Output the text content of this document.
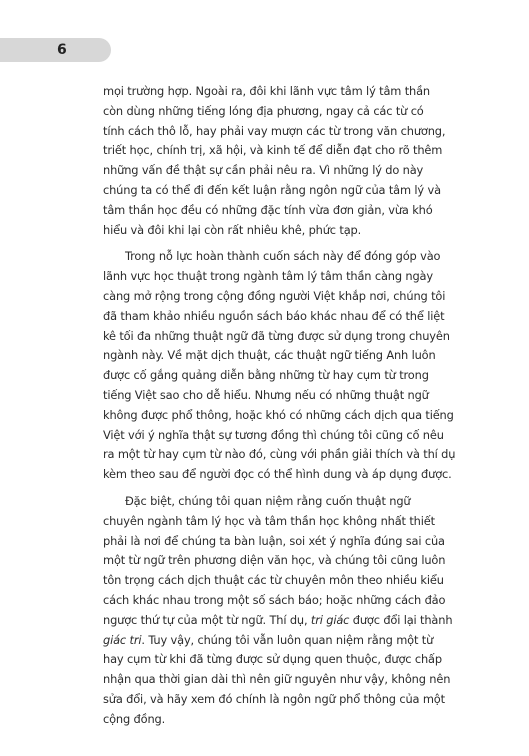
6

mọi trường hợp. Ngoài ra, đôi khi lãnh vực tâm lý tâm thần
còn dùng những tiếng lóng địa phương, ngay cả các từ có
tính cách thô lỗ, hay phải vay mượn các từ trong văn chương,
triết học, chính trị, xã hội, và kinh tế để diễn đạt cho rõ thêm
những vấn đề thật sự cần phải nêu ra. Vì những lý do này
chúng ta có thể đi đến kết luận rằng ngôn ngữ của tâm lý và
tâm thần học đều có những đặc tính vừa đơn giản, vừa khó
hiểu và đôi khi lại còn rất nhiêu khê, phức tạp.

Trong nỗ lực hoàn thành cuốn sách này để đóng góp vào
lãnh vực học thuật trong ngành tâm lý tâm thần càng ngày
càng mở rộng trong cộng đồng người Việt khắp nơi, chúng tôi
đã tham khảo nhiều nguồn sách báo khác nhau để có thể liệt
kê tối đa những thuật ngữ đã từng được sử dụng trong chuyên
ngành này. Về mặt dịch thuật, các thuật ngữ tiếng Anh luôn
được cố gắng quảng diễn bằng những từ hay cụm từ trong
tiếng Việt sao cho dễ hiểu. Nhưng nếu có những thuật ngữ
không được phổ thông, hoặc khó có những cách dịch qua tiếng
Việt với ý nghĩa thật sự tương đồng thì chúng tôi cũng cố nêu
ra một từ hay cụm từ nào đó, cùng với phần giải thích và thí dụ
kèm theo sau để người đọc có thể hình dung và áp dụng được.

Đặc biệt, chúng tôi quan niệm rằng cuốn thuật ngữ
chuyên ngành tâm lý học và tâm thần học không nhất thiết
phải là nơi để chúng ta bàn luận, soi xét ý nghĩa đúng sai của
một từ ngữ trên phương diện văn học, và chúng tôi cũng luôn
tôn trọng cách dịch thuật các từ chuyên môn theo nhiều kiểu
cách khác nhau trong một số sách báo; hoặc những cách đảo
ngược thứ tự của một từ ngữ. Thí dụ, tri giác được đổi lại thành
giác tri. Tuy vậy, chúng tôi vẫn luôn quan niệm rằng một từ
hay cụm từ khi đã từng được sử dụng quen thuộc, được chấp
nhận qua thời gian dài thì nên giữ nguyên như vậy, không nên
sửa đổi, và hãy xem đó chính là ngôn ngữ phổ thông của một
cộng đồng.
